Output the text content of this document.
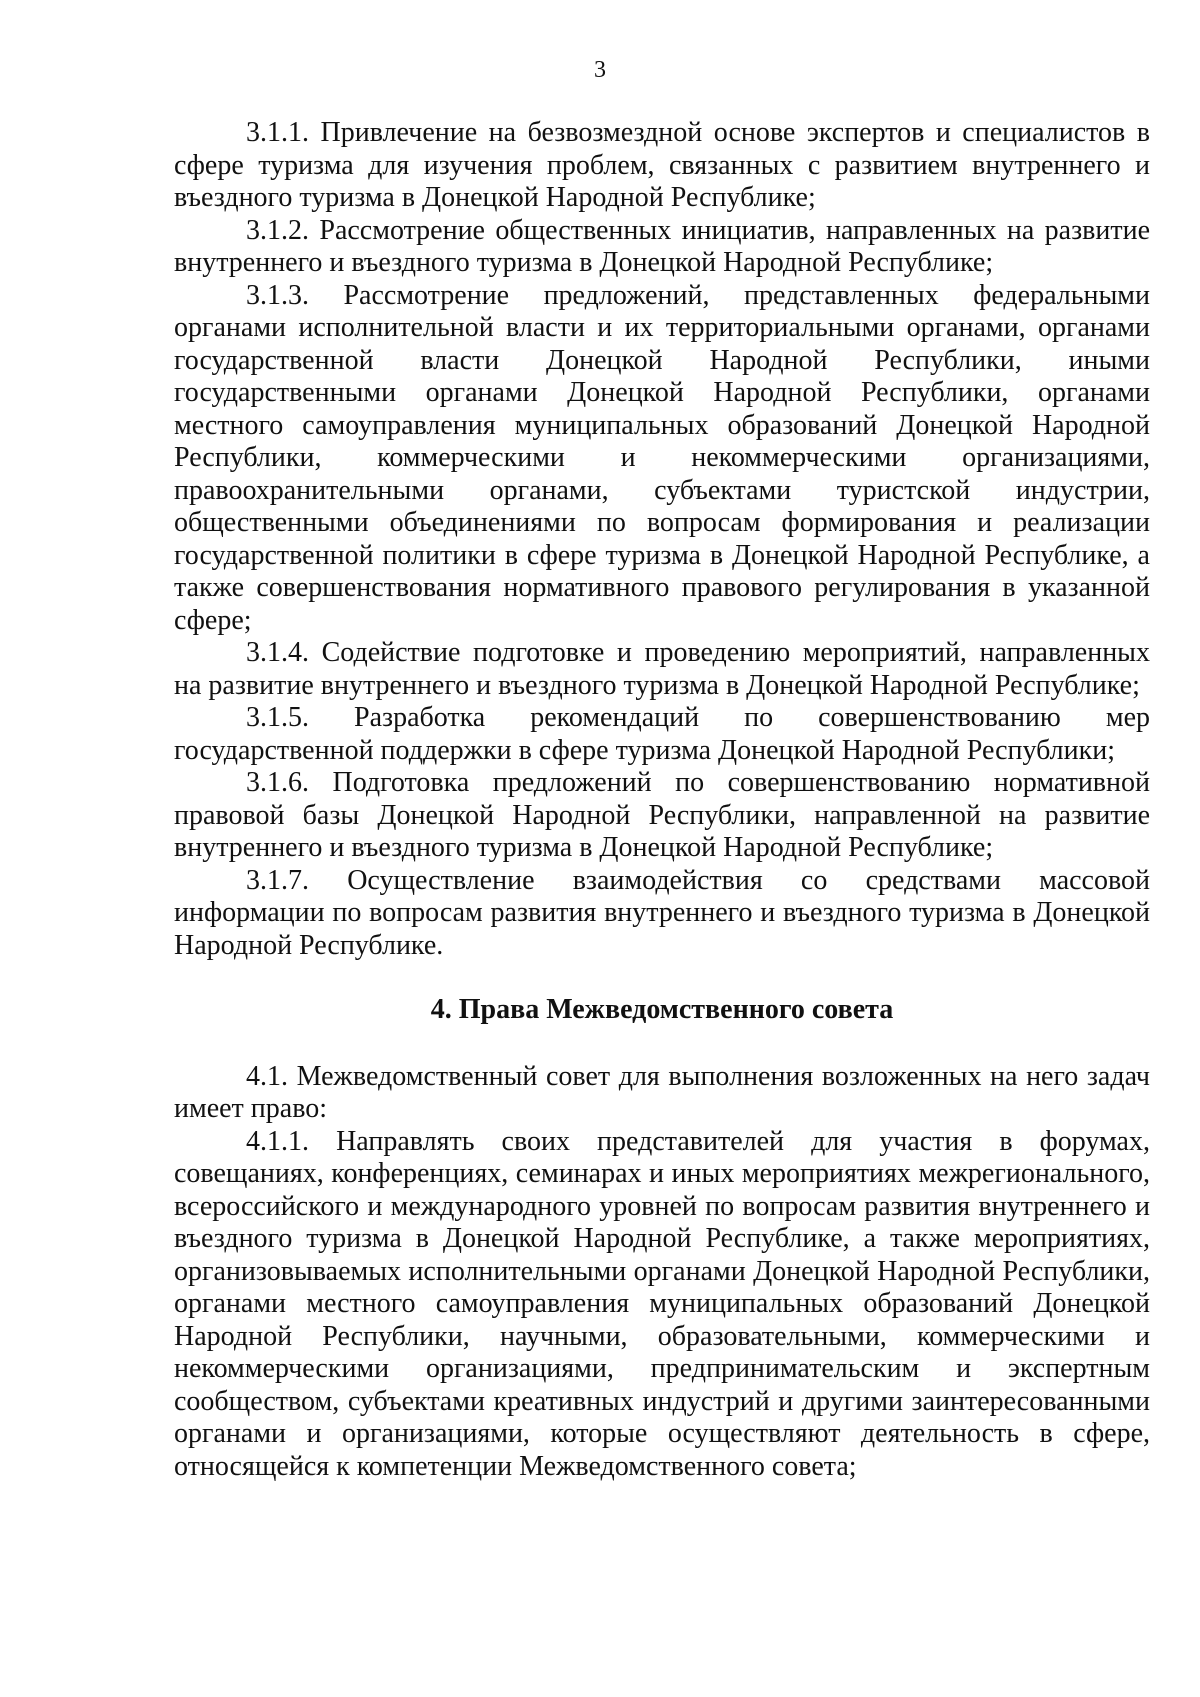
3

3.1.1. Привлечение на безвозмездной основе экспертов и специалистов в сфере туризма для изучения проблем, связанных с развитием внутреннего и въездного туризма в Донецкой Народной Республике;

3.1.2. Рассмотрение общественных инициатив, направленных на развитие внутреннего и въездного туризма в Донецкой Народной Республике;

3.1.3. Рассмотрение предложений, представленных федеральными органами исполнительной власти и их территориальными органами, органами государственной власти Донецкой Народной Республики, иными государственными органами Донецкой Народной Республики, органами местного самоуправления муниципальных образований Донецкой Народной Республики, коммерческими и некоммерческими организациями, правоохранительными органами, субъектами туристской индустрии, общественными объединениями по вопросам формирования и реализации государственной политики в сфере туризма в Донецкой Народной Республике, а также совершенствования нормативного правового регулирования в указанной сфере;

3.1.4. Содействие подготовке и проведению мероприятий, направленных на развитие внутреннего и въездного туризма в Донецкой Народной Республике;

3.1.5. Разработка рекомендаций по совершенствованию мер государственной поддержки в сфере туризма Донецкой Народной Республики;

3.1.6. Подготовка предложений по совершенствованию нормативной правовой базы Донецкой Народной Республики, направленной на развитие внутреннего и въездного туризма в Донецкой Народной Республике;

3.1.7. Осуществление взаимодействия со средствами массовой информации по вопросам развития внутреннего и въездного туризма в Донецкой Народной Республике.

4. Права Межведомственного совета

4.1. Межведомственный совет для выполнения возложенных на него задач имеет право:

4.1.1. Направлять своих представителей для участия в форумах, совещаниях, конференциях, семинарах и иных мероприятиях межрегионального, всероссийского и международного уровней по вопросам развития внутреннего и въездного туризма в Донецкой Народной Республике, а также мероприятиях, организовываемых исполнительными органами Донецкой Народной Республики, органами местного самоуправления муниципальных образований Донецкой Народной Республики, научными, образовательными, коммерческими и некоммерческими организациями, предпринимательским и экспертным сообществом, субъектами креативных индустрий и другими заинтересованными органами и организациями, которые осуществляют деятельность в сфере, относящейся к компетенции Межведомственного совета;
